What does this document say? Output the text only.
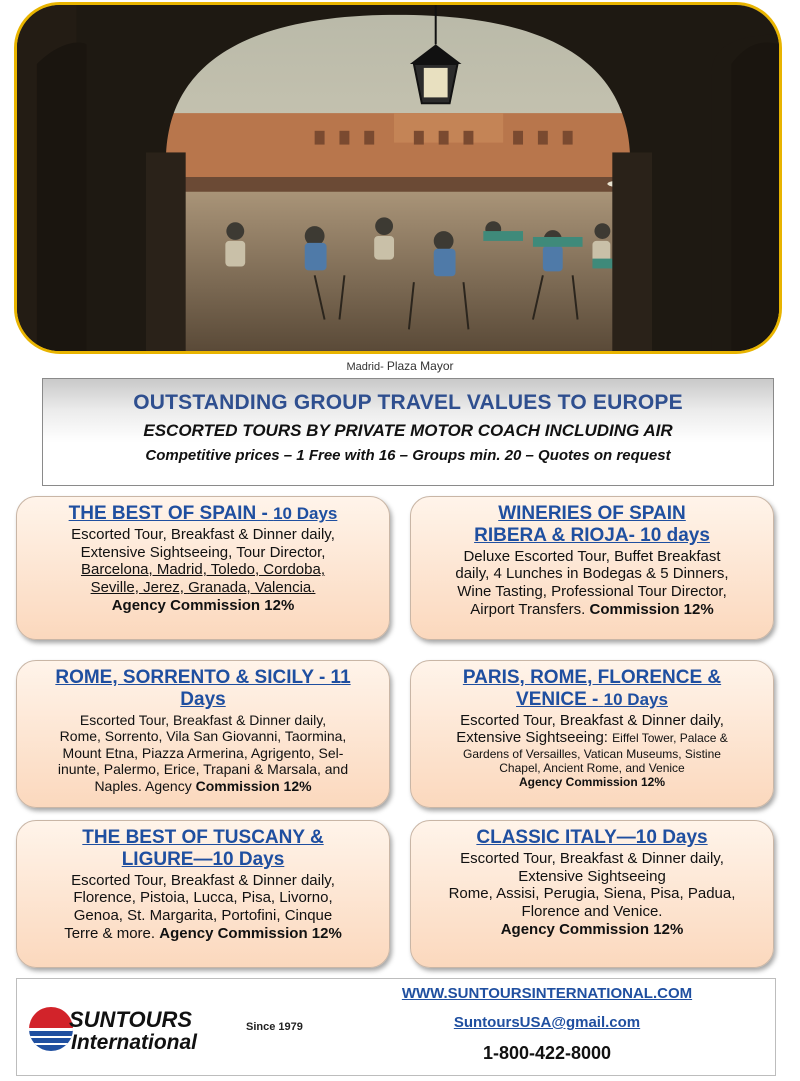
Madrid- Plaza Mayor
OUTSTANDING GROUP TRAVEL VALUES TO EUROPE
ESCORTED TOURS BY PRIVATE MOTOR COACH INCLUDING AIR
Competitive prices – 1 Free with 16 – Groups min. 20 – Quotes on request
THE BEST OF SPAIN - 10 Days
Escorted Tour, Breakfast & Dinner daily,
Extensive Sightseeing, Tour Director,
Barcelona, Madrid, Toledo, Cordoba,
Seville, Jerez, Granada, Valencia.
Agency Commission 12%
WINERIES OF SPAIN
RIBERA & RIOJA- 10 days
Deluxe Escorted Tour, Buffet Breakfast
daily, 4 Lunches in Bodegas & 5 Dinners,
Wine Tasting, Professional Tour Director,
Airport Transfers. Commission 12%
ROME, SORRENTO & SICILY - 11
Days
Escorted Tour, Breakfast & Dinner daily,
Rome, Sorrento, Vila San Giovanni, Taormina,
Mount Etna, Piazza Armerina, Agrigento, Sel-
inunte, Palermo, Erice, Trapani & Marsala, and
Naples. Agency Commission 12%
PARIS, ROME, FLORENCE &
VENICE - 10 Days
Escorted Tour, Breakfast & Dinner daily,
Extensive Sightseeing: Eiffel Tower, Palace &
Gardens of Versailles, Vatican Museums, Sistine
Chapel, Ancient Rome, and Venice
Agency Commission 12%
THE BEST OF TUSCANY &
LIGURE—10 Days
Escorted Tour, Breakfast & Dinner daily,
Florence, Pistoia, Lucca, Pisa, Livorno,
Genoa, St. Margarita, Portofini, Cinque
Terre & more. Agency Commission 12%
CLASSIC ITALY—10 Days
Escorted Tour, Breakfast & Dinner daily,
Extensive Sightseeing
Rome, Assisi, Perugia, Siena, Pisa, Padua,
Florence and Venice.
Agency Commission 12%
SUNTOURS
International
Since 1979
WWW.SUNTOURSINTERNATIONAL.COM
SuntoursUSA@gmail.com
1-800-422-8000
